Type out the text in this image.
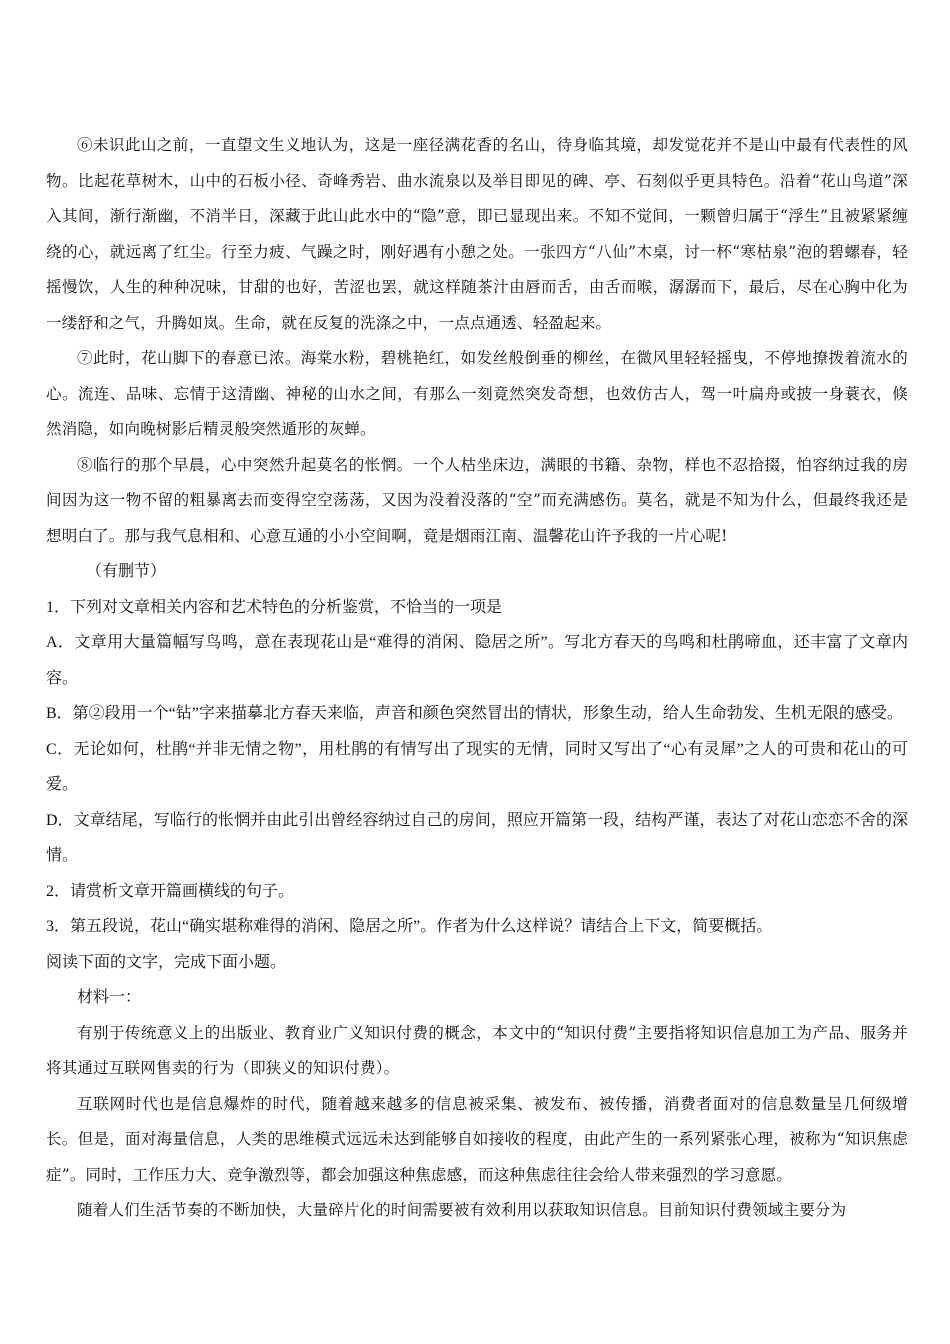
⑥未识此山之前，一直望文生义地认为，这是一座径满花香的名山，待身临其境，却发觉花并不是山中最有代表性的风物。比起花草树木，山中的石板小径、奇峰秀岩、曲水流泉以及举目即见的碑、亭、石刻似乎更具特色。沿着“花山鸟道”深入其间，渐行渐幽，不消半日，深藏于此山此水中的“隐”意，即已显现出来。不知不觉间，一颗曾归属于“浮生”且被紧紧缠绕的心，就远离了红尘。行至力疲、气躁之时，刚好遇有小憩之处。一张四方“八仙”木桌，讨一杯“寒枯泉”泡的碧螺春，轻摇慢饮，人生的种种况味，甘甜的也好，苦涩也罢，就这样随茶汁由唇而舌，由舌而喉，潺潺而下，最后，尽在心胸中化为一缕舒和之气，升腾如岚。生命，就在反复的洗涤之中，一点点通透、轻盈起来。

⑦此时，花山脚下的春意已浓。海棠水粉，碧桃艳红，如发丝般倒垂的柳丝，在微风里轻轻摇曳，不停地撩拨着流水的心。流连、品味、忘情于这清幽、神秘的山水之间，有那么一刻竟然突发奇想，也效仿古人，驾一叶扁舟或披一身蓑衣，倏然消隐，如向晚树影后精灵般突然遁形的灰蝉。

⑧临行的那个早晨，心中突然升起莫名的怅惘。一个人枯坐床边，满眼的书籍、杂物，样也不忍拾掇，怕容纳过我的房间因为这一物不留的粗暴离去而变得空空荡荡，又因为没着没落的“空”而充满感伤。莫名，就是不知为什么，但最终我还是想明白了。那与我气息相和、心意互通的小小空间啊，竟是烟雨江南、温馨花山许予我的一片心呢!

（有删节）

1．下列对文章相关内容和艺术特色的分析鉴赏，不恰当的一项是

A．文章用大量篇幅写鸟鸣，意在表现花山是“难得的消闲、隐居之所”。写北方春天的鸟鸣和杜鹃啼血，还丰富了文章内容。

B．第②段用一个“钻”字来描摹北方春天来临，声音和颜色突然冒出的情状，形象生动，给人生命勃发、生机无限的感受。

C．无论如何，杜鹃“并非无情之物”，用杜鹃的有情写出了现实的无情，同时又写出了“心有灵犀”之人的可贵和花山的可爱。

D．文章结尾，写临行的怅惘并由此引出曾经容纳过自己的房间，照应开篇第一段，结构严谨，表达了对花山恋恋不舍的深情。

2．请赏析文章开篇画横线的句子。

3．第五段说，花山“确实堪称难得的消闲、隐居之所”。作者为什么这样说？请结合上下文，简要概括。

阅读下面的文字，完成下面小题。

材料一：

有别于传统意义上的出版业、教育业广义知识付费的概念，本文中的“知识付费”主要指将知识信息加工为产品、服务并将其通过互联网售卖的行为（即狭义的知识付费）。

互联网时代也是信息爆炸的时代，随着越来越多的信息被采集、被发布、被传播，消费者面对的信息数量呈几何级增长。但是，面对海量信息，人类的思维模式远远未达到能够自如接收的程度，由此产生的一系列紧张心理，被称为“知识焦虑症”。同时，工作压力大、竞争激烈等，都会加强这种焦虑感，而这种焦虑往往会给人带来强烈的学习意愿。

随着人们生活节奏的不断加快，大量碎片化的时间需要被有效利用以获取知识信息。目前知识付费领域主要分为
